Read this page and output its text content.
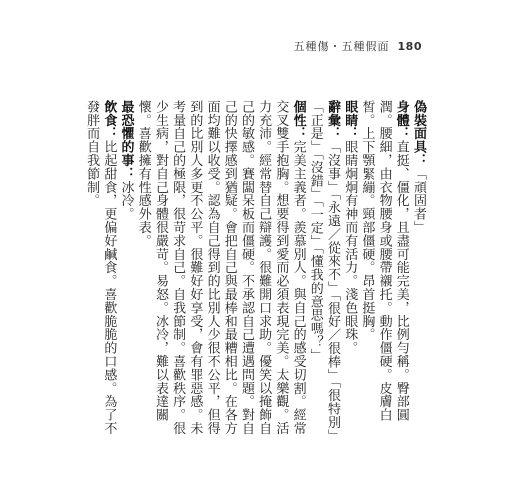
五種傷・五種假面 180

偽裝面具：「頑固者」

身體：直挺、僵化，且盡可能完美，比例勻稱。臀部圓潤。腰細，由衣物腰身或腰帶襯托。動作僵硬。皮膚白皙。上下顎緊繃。頸部僵硬。昂首挺胸。

眼睛：眼睛炯炯有神而有活力。淺色眼珠。

辭彙：「沒事」「永遠／從來不」「很好／很棒」「很特別」「正是」「沒錯」「一定」「懂我的意思嗎？」

個性：完美主義者。羨慕別人。與自己的感受切割。經常交叉雙手抱胸。想要得到愛而必須表現完美。太樂觀。活力充沛。經常替自己辯護。很難開口求助。優笑以掩飾自己的敏感。賽闆呆板而僵硬。不承認自己遭遇問題。對自己的快擇感到猶疑。會把自己與最棒和最糟相比。在各方面均難以收受。認為自己得到的比別人少很不公平，但得到的比別人多更不公平。很難好好享受，會有罪惡感。未考量自己的極限，很苛求自己。自我節制。喜歡秩序。很少生病，對自己身體很嚴苛。易怒。冰冷，難以表達關懷。喜歡擁有性感外表。

最恐懼的事：冰冷。

飲食：比起甜食，更偏好鹹食。喜歡脆脆的口感。為了不發胖而自我節制。
